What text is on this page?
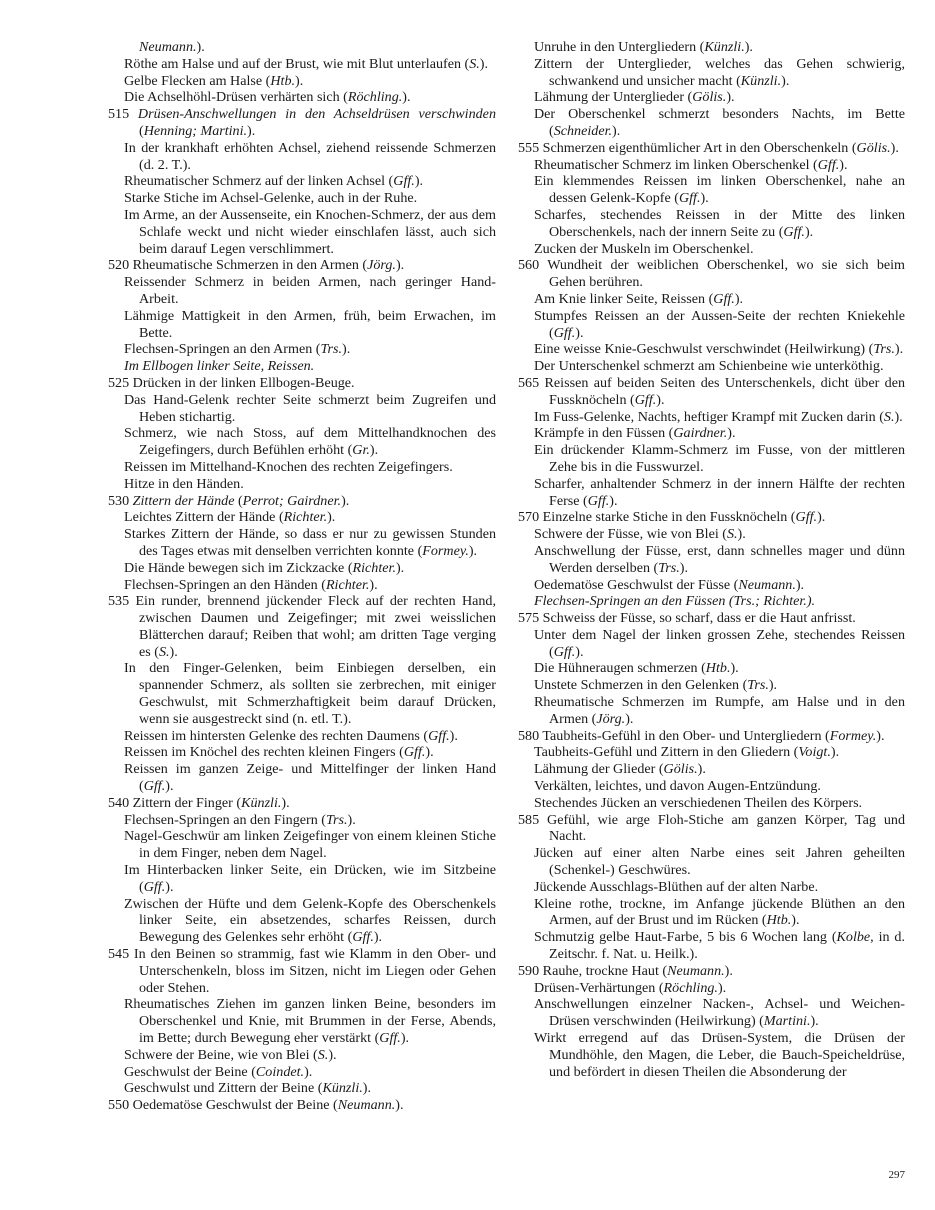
Neumann.).
Röthe am Halse und auf der Brust, wie mit Blut unterlaufen (S.).
Gelbe Flecken am Halse (Htb.).
Die Achselhöhl-Drüsen verhärten sich (Röchling.).
515 Drüsen-Anschwellungen in den Achseldrüsen verschwinden (Henning; Martini.).
In der krankhaft erhöhten Achsel, ziehend reissende Schmerzen (d. 2. T.).
Rheumatischer Schmerz auf der linken Achsel (Gff.).
Starke Stiche im Achsel-Gelenke, auch in der Ruhe.
Im Arme, an der Aussenseite, ein Knochen-Schmerz, der aus dem Schlafe weckt und nicht wieder einschlafen lässt, auch sich beim darauf Legen verschlimmert.
520 Rheumatische Schmerzen in den Armen (Jörg.).
Reissender Schmerz in beiden Armen, nach geringer Hand-Arbeit.
Lähmige Mattigkeit in den Armen, früh, beim Erwachen, im Bette.
Flechsen-Springen an den Armen (Trs.).
Im Ellbogen linker Seite, Reissen.
525 Drücken in der linken Ellbogen-Beuge.
Das Hand-Gelenk rechter Seite schmerzt beim Zugreifen und Heben stichartig.
Schmerz, wie nach Stoss, auf dem Mittelhandknochen des Zeigefingers, durch Befühlen erhöht (Gr.).
Reissen im Mittelhand-Knochen des rechten Zeigefingers.
Hitze in den Händen.
530 Zittern der Hände (Perrot; Gairdner.).
Leichtes Zittern der Hände (Richter.).
Starkes Zittern der Hände, so dass er nur zu gewissen Stunden des Tages etwas mit denselben verrichten konnte (Formey.).
Die Hände bewegen sich im Zickzacke (Richter.).
Flechsen-Springen an den Händen (Richter.).
535 Ein runder, brennend jückender Fleck auf der rechten Hand, zwischen Daumen und Zeigefinger; mit zwei weisslichen Blätterchen darauf; Reiben that wohl; am dritten Tage verging es (S.).
In den Finger-Gelenken, beim Einbiegen derselben, ein spannender Schmerz, als sollten sie zerbrechen, mit einiger Geschwulst, mit Schmerzhaftigkeit beim darauf Drücken, wenn sie ausgestreckt sind (n. etl. T.).
Reissen im hintersten Gelenke des rechten Daumens (Gff.).
Reissen im Knöchel des rechten kleinen Fingers (Gff.).
Reissen im ganzen Zeige- und Mittelfinger der linken Hand (Gff.).
540 Zittern der Finger (Künzli.).
Flechsen-Springen an den Fingern (Trs.).
Nagel-Geschwür am linken Zeigefinger von einem kleinen Stiche in dem Finger, neben dem Nagel.
Im Hinterbacken linker Seite, ein Drücken, wie im Sitzbeine (Gff.).
Zwischen der Hüfte und dem Gelenk-Kopfe des Oberschenkels linker Seite, ein absetzendes, scharfes Reissen, durch Bewegung des Gelenkes sehr erhöht (Gff.).
545 In den Beinen so strammig, fast wie Klamm in den Ober- und Unterschenkeln, bloss im Sitzen, nicht im Liegen oder Gehen oder Stehen.
Rheumatisches Ziehen im ganzen linken Beine, besonders im Oberschenkel und Knie, mit Brummen in der Ferse, Abends, im Bette; durch Bewegung eher verstärkt (Gff.).
Schwere der Beine, wie von Blei (S.).
Geschwulst der Beine (Coindet.).
Geschwulst und Zittern der Beine (Künzli.).
550 Oedematöse Geschwulst der Beine (Neumann.).
Unruhe in den Untergliedern (Künzli.).
Zittern der Unterglieder, welches das Gehen schwierig, schwankend und unsicher macht (Künzli.).
Lähmung der Unterglieder (Gölis.).
Der Oberschenkel schmerzt besonders Nachts, im Bette (Schneider.).
555 Schmerzen eigenthümlicher Art in den Oberschenkeln (Gölis.).
Rheumatischer Schmerz im linken Oberschenkel (Gff.).
Ein klemmendes Reissen im linken Oberschenkel, nahe an dessen Gelenk-Kopfe (Gff.).
Scharfes, stechendes Reissen in der Mitte des linken Oberschenkels, nach der innern Seite zu (Gff.).
Zucken der Muskeln im Oberschenkel.
560 Wundheit der weiblichen Oberschenkel, wo sie sich beim Gehen berühren.
Am Knie linker Seite, Reissen (Gff.).
Stumpfes Reissen an der Aussen-Seite der rechten Kniekehle (Gff.).
Eine weisse Knie-Geschwulst verschwindet (Heilwirkung) (Trs.).
Der Unterschenkel schmerzt am Schienbeine wie unterköthig.
565 Reissen auf beiden Seiten des Unterschenkels, dicht über den Fussknöcheln (Gff.).
Im Fuss-Gelenke, Nachts, heftiger Krampf mit Zucken darin (S.).
Krämpfe in den Füssen (Gairdner.).
Ein drückender Klamm-Schmerz im Fusse, von der mittleren Zehe bis in die Fusswurzel.
Scharfer, anhaltender Schmerz in der innern Hälfte der rechten Ferse (Gff.).
570 Einzelne starke Stiche in den Fussknöcheln (Gff.).
Schwere der Füsse, wie von Blei (S.).
Anschwellung der Füsse, erst, dann schnelles mager und dünn Werden derselben (Trs.).
Oedematöse Geschwulst der Füsse (Neumann.).
Flechsen-Springen an den Füssen (Trs.; Richter.).
575 Schweiss der Füsse, so scharf, dass er die Haut anfrisst.
Unter dem Nagel der linken grossen Zehe, stechendes Reissen (Gff.).
Die Hühneraugen schmerzen (Htb.).
Unstete Schmerzen in den Gelenken (Trs.).
Rheumatische Schmerzen im Rumpfe, am Halse und in den Armen (Jörg.).
580 Taubheits-Gefühl in den Ober- und Untergliedern (Formey.).
Taubheits-Gefühl und Zittern in den Gliedern (Voigt.).
Lähmung der Glieder (Gölis.).
Verkälten, leichtes, und davon Augen-Entzündung.
Stechendes Jücken an verschiedenen Theilen des Körpers.
585 Gefühl, wie arge Floh-Stiche am ganzen Körper, Tag und Nacht.
Jücken auf einer alten Narbe eines seit Jahren geheilten (Schenkel-) Geschwüres.
Jückende Ausschlags-Blüthen auf der alten Narbe.
Kleine rothe, trockne, im Anfange jückende Blüthen an den Armen, auf der Brust und im Rücken (Htb.).
Schmutzig gelbe Haut-Farbe, 5 bis 6 Wochen lang (Kolbe, in d. Zeitschr. f. Nat. u. Heilk.).
590 Rauhe, trockne Haut (Neumann.).
Drüsen-Verhärtungen (Röchling.).
Anschwellungen einzelner Nacken-, Achsel- und Weichen-Drüsen verschwinden (Heilwirkung) (Martini.).
Wirkt erregend auf das Drüsen-System, die Drüsen der Mundhöhle, den Magen, die Leber, die Bauch-Speicheldrüse, und befördert in diesen Theilen die Absonderung der
297
